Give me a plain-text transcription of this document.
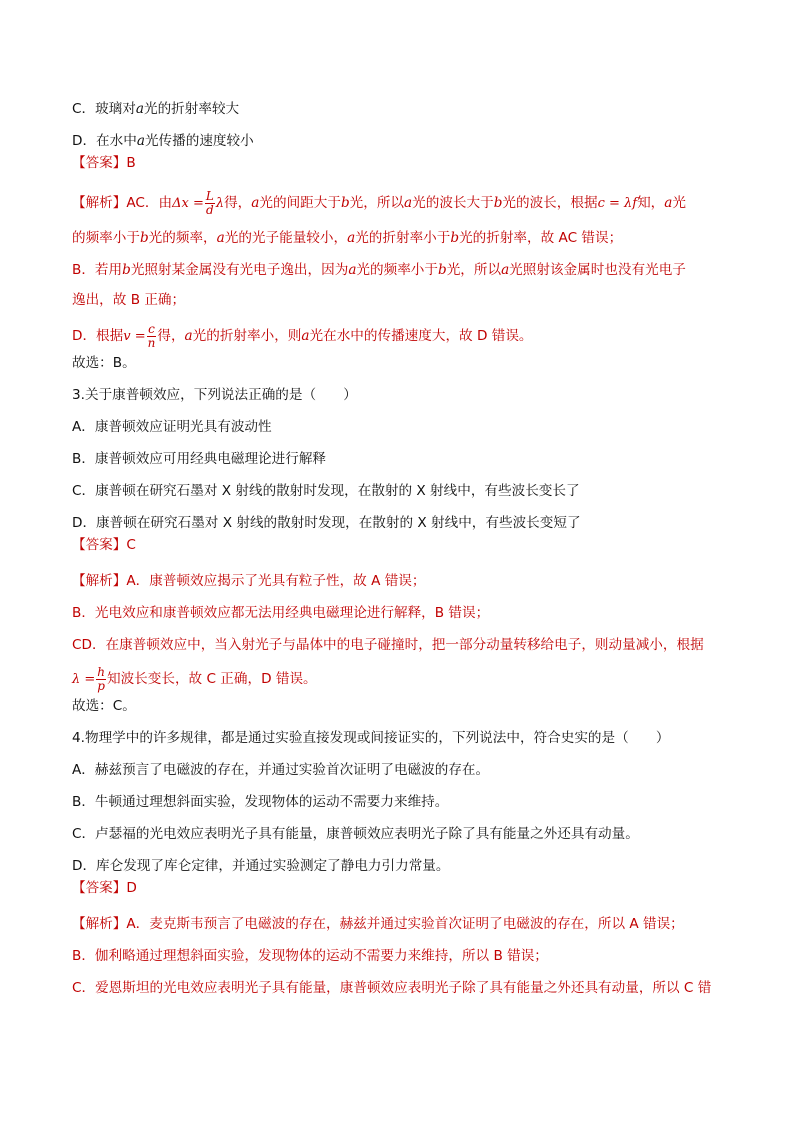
C．玻璃对a光的折射率较大

D．在水中a光传播的速度较小

【答案】B

【解析】AC．由$\Delta x = \frac{L}{d}$ λ得，a光的间距大于b光，所以a光的波长大于b光的波长，根据c = λf知，a光

的频率小于b光的频率，a光的光子能量较小，a光的折射率小于b光的折射率，故 AC 错误；

B．若用b光照射某金属没有光电子逸出，因为a光的频率小于b光，所以a光照射该金属时也没有光电子

逸出，故 B 正确；

D．根据$v = \frac{c}{n}$ 得，a光的折射率小，则a光在水中的传播速度大，故 D 错误。

故选：B。

3.关于康普顿效应，下列说法正确的是（　　）

A．康普顿效应证明光具有波动性

B．康普顿效应可用经典电磁理论进行解释

C．康普顿在研究石墨对 X 射线的散射时发现，在散射的 X 射线中，有些波长变长了

D．康普顿在研究石墨对 X 射线的散射时发现，在散射的 X 射线中，有些波长变短了

【答案】C

【解析】A．康普顿效应揭示了光具有粒子性，故 A 错误；

B．光电效应和康普顿效应都无法用经典电磁理论进行解释，B 错误；

CD．在康普顿效应中，当入射光子与晶体中的电子碰撞时，把一部分动量转移给电子，则动量减小，根据

$\lambda = \frac{h}{p}$ 知波长变长，故 C 正确，D 错误。

故选：C。

4.物理学中的许多规律，都是通过实验直接发现或间接证实的，下列说法中，符合史实的是（　　）

A．赫兹预言了电磁波的存在，并通过实验首次证明了电磁波的存在。

B．牛顿通过理想斜面实验，发现物体的运动不需要力来维持。

C．卢瑟福的光电效应表明光子具有能量，康普顿效应表明光子除了具有能量之外还具有动量。

D．库仑发现了库仑定律，并通过实验测定了静电力引力常量。

【答案】D

【解析】A．麦克斯韦预言了电磁波的存在，赫兹并通过实验首次证明了电磁波的存在，所以 A 错误；

B．伽利略通过理想斜面实验，发现物体的运动不需要力来维持，所以 B 错误；

C．爱恩斯坦的光电效应表明光子具有能量，康普顿效应表明光子除了具有能量之外还具有动量，所以 C 错
